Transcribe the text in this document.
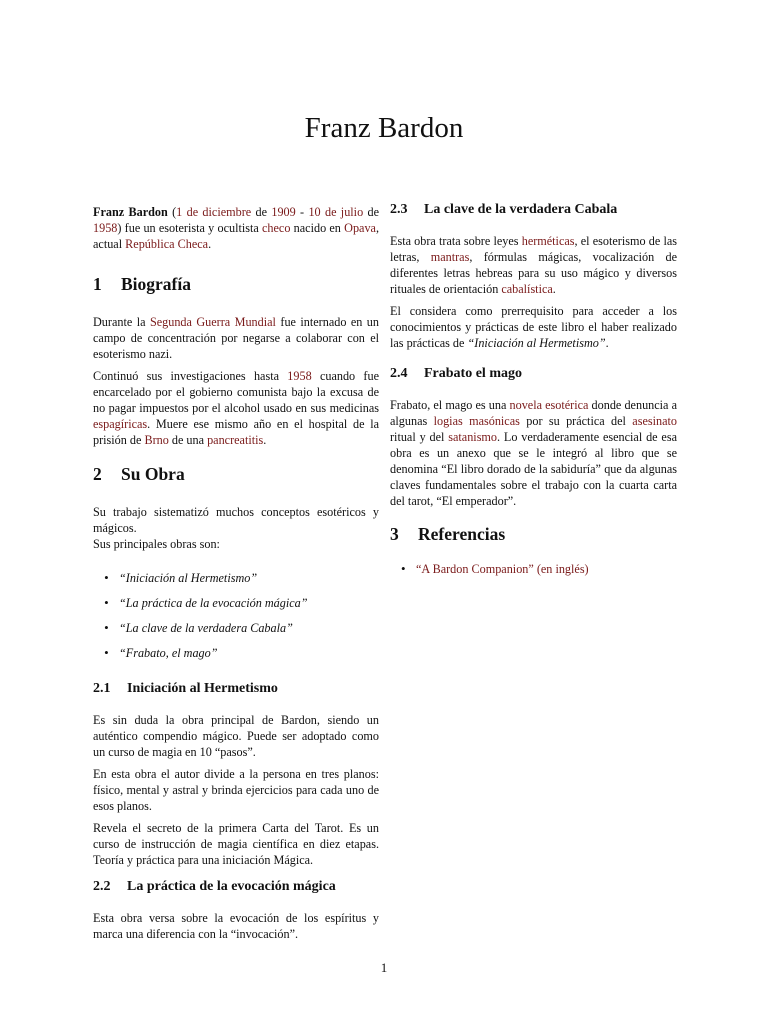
Franz Bardon

Franz Bardon (1 de diciembre de 1909 - 10 de julio de 1958) fue un esoterista y ocultista checo nacido en Opava, actual República Checa.

1 Biografía

Durante la Segunda Guerra Mundial fue internado en un campo de concentración por negarse a colaborar con el esoterismo nazi.

Continuó sus investigaciones hasta 1958 cuando fue encarcelado por el gobierno comunista bajo la excusa de no pagar impuestos por el alcohol usado en sus medicinas espagíricas. Muere ese mismo año en el hospital de la prisión de Brno de una pancreatitis.

2 Su Obra

Su trabajo sistematizó muchos conceptos esotéricos y mágicos.

Sus principales obras son:

• “Iniciación al Hermetismo”
• “La práctica de la evocación mágica”
• “La clave de la verdadera Cabala”
• “Frabato, el mago”
2.1 Iniciación al Hermetismo

Es sin duda la obra principal de Bardon, siendo un auténtico compendio mágico. Puede ser adoptado como un curso de magia en 10 “pasos”.

En esta obra el autor divide a la persona en tres planos: físico, mental y astral y brinda ejercicios para cada uno de esos planos.

Revela el secreto de la primera Carta del Tarot. Es un curso de instrucción de magia científica en diez etapas. Teoría y práctica para una iniciación Mágica.

2.2 La práctica de la evocación mágica

Esta obra versa sobre la evocación de los espíritus y marca una diferencia con la “invocación”.

2.3 La clave de la verdadera Cabala

Esta obra trata sobre leyes herméticas, el esoterismo de las letras, mantras, fórmulas mágicas, vocalización de diferentes letras hebreas para su uso mágico y diversos rituales de orientación cabalística.

El considera como prerrequisito para acceder a los conocimientos y prácticas de este libro el haber realizado las prácticas de “Iniciación al Hermetismo”.

2.4 Frabato el mago

Frabato, el mago es una novela esotérica donde denuncia a algunas logias masónicas por su práctica del asesinato ritual y del satanismo. Lo verdaderamente esencial de esa obra es un anexo que se le integró al libro que se denomina “El libro dorado de la sabiduría” que da algunas claves fundamentales sobre el trabajo con la cuarta carta del tarot, “El emperador”.

3 Referencias
• “A Bardon Companion” (en inglés)
1
